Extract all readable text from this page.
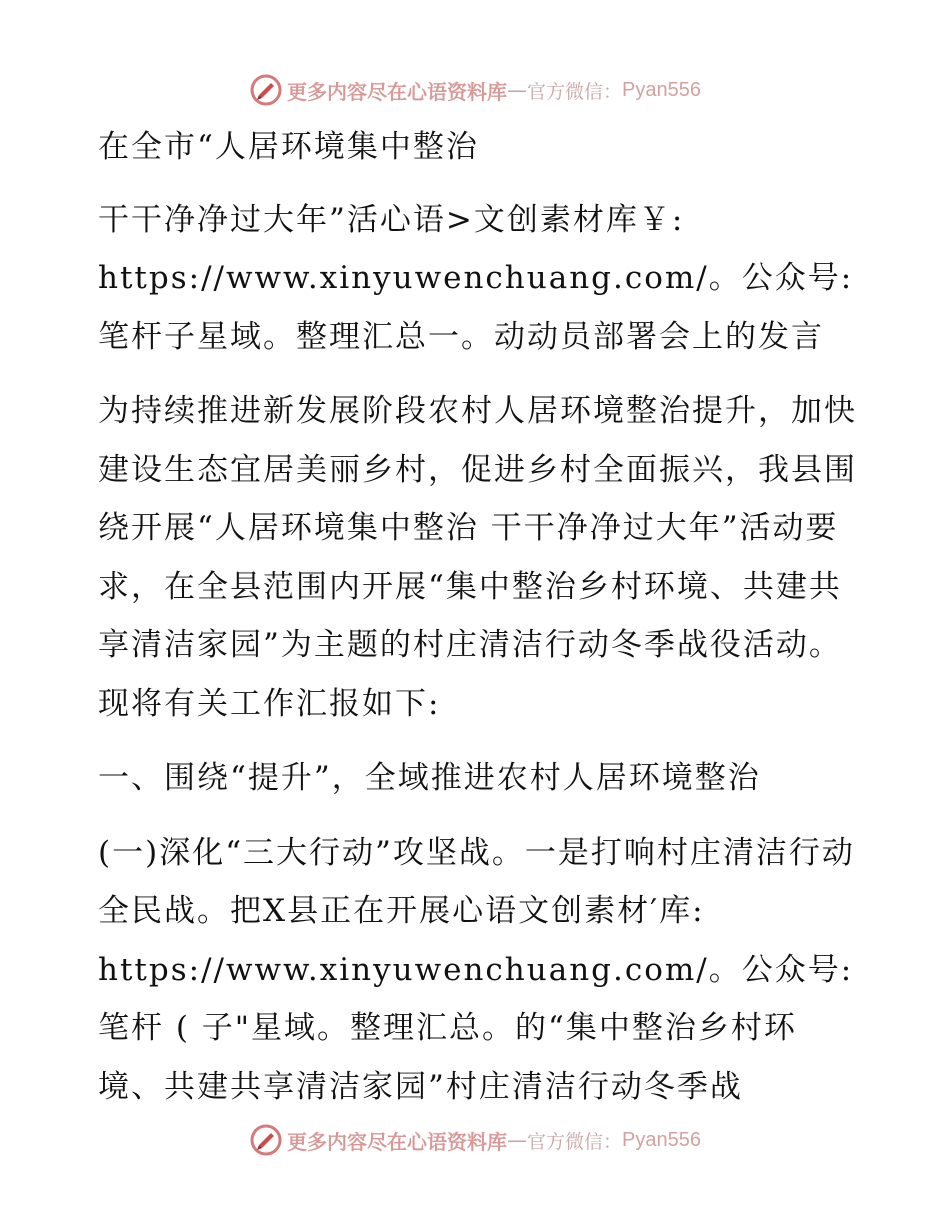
更多内容尽在心语资料库 — 官方微信： Pyan556

在全市“人居环境集中整治

干干净净过大年”活心语>文创素材库￥: https://www.xinyuwenchuang.com/。公众号: 笔杆子星域。整理汇总一。动动员部署会上的发言

为持续推进新发展阶段农村人居环境整治提升，加快建设生态宜居美丽乡村，促进乡村全面振兴，我县围绕开展“人居环境集中整治 干干净净过大年”活动要求，在全县范围内开展“集中整治乡村环境、共建共享清洁家园”为主题的村庄清洁行动冬季战役活动。现将有关工作汇报如下:

一、围绕“提升”，全域推进农村人居环境整治

(一)深化“三大行动”攻坚战。一是打响村庄清洁行动全民战。把X县正在开展心语文创素材′库: https://www.xinyuwenchuang.com/。公众号: 笔杆 ( 子"星域。整理汇总。的“集中整治乡村环境、共建共享清洁家园”村庄清洁行动冬季战

更多内容尽在心语资料库 — 官方微信： Pyan556
